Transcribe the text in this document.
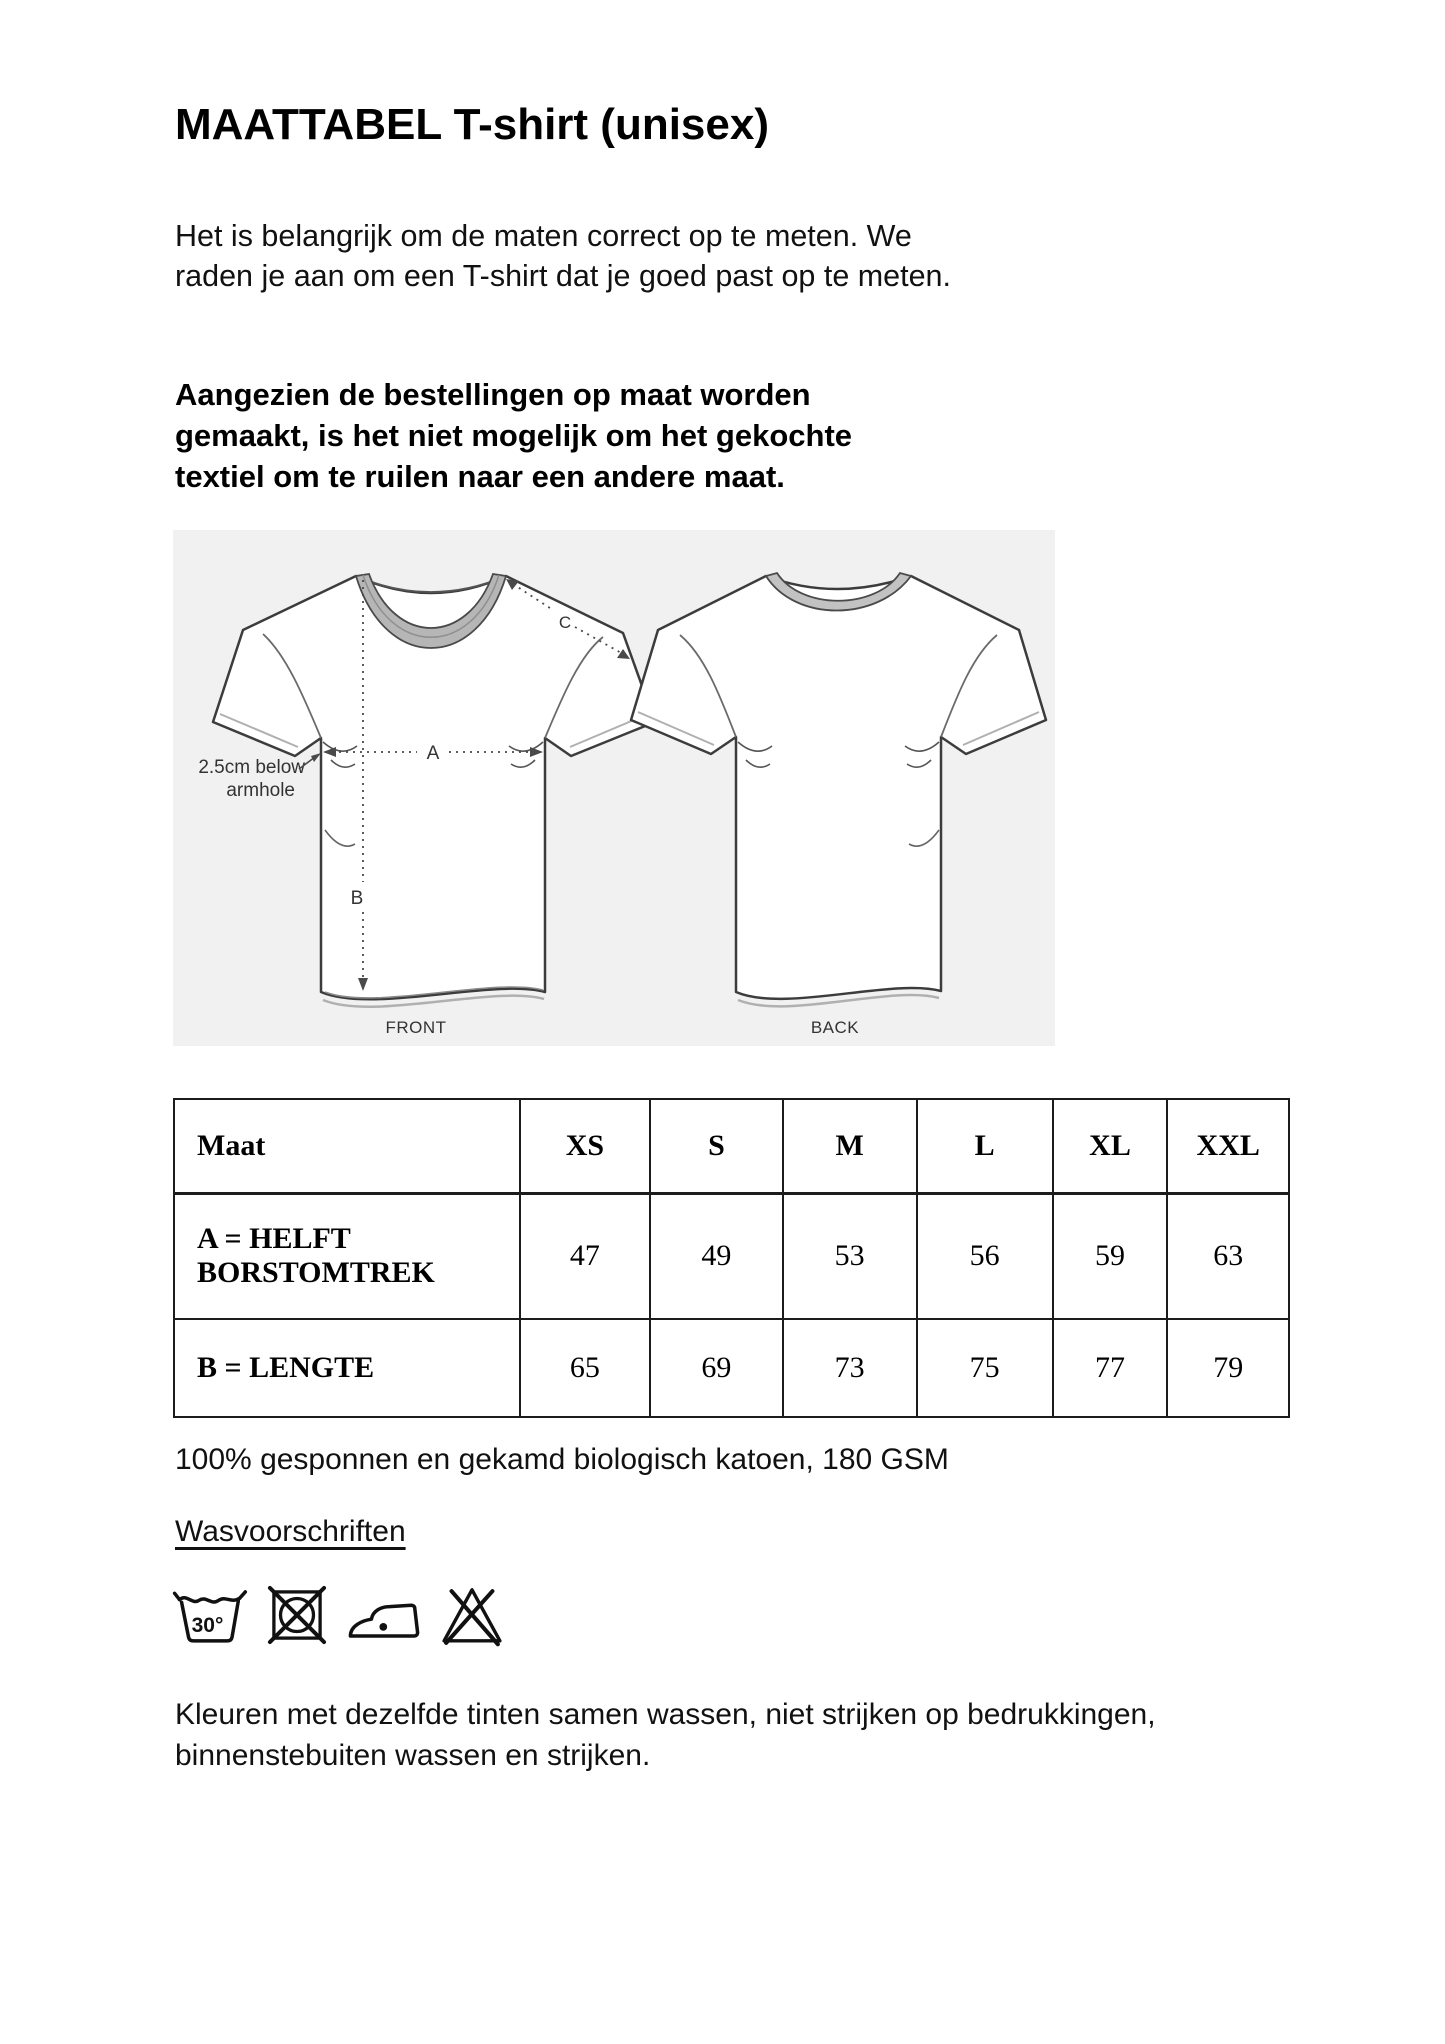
MAATTABEL T-shirt (unisex)
Het is belangrijk om de maten correct op te meten. We raden je aan om een T-shirt dat je goed past op te meten.
Aangezien de bestellingen op maat worden gemaakt, is het niet mogelijk om het gekochte textiel om te ruilen naar een andere maat.
B
A
C
2.5cm below
armhole
FRONT	BACK
Maat	XS	S	M	L	XL	XXL
A = HELFT BORSTOMTREK	47	49	53	56	59	63
B = LENGTE	65	69	73	75	77	79
100% gesponnen en gekamd biologisch katoen, 180 GSM
Wasvoorschriften
30°
Kleuren met dezelfde tinten samen wassen, niet strijken op bedrukkingen, binnenstebuiten wassen en strijken.
